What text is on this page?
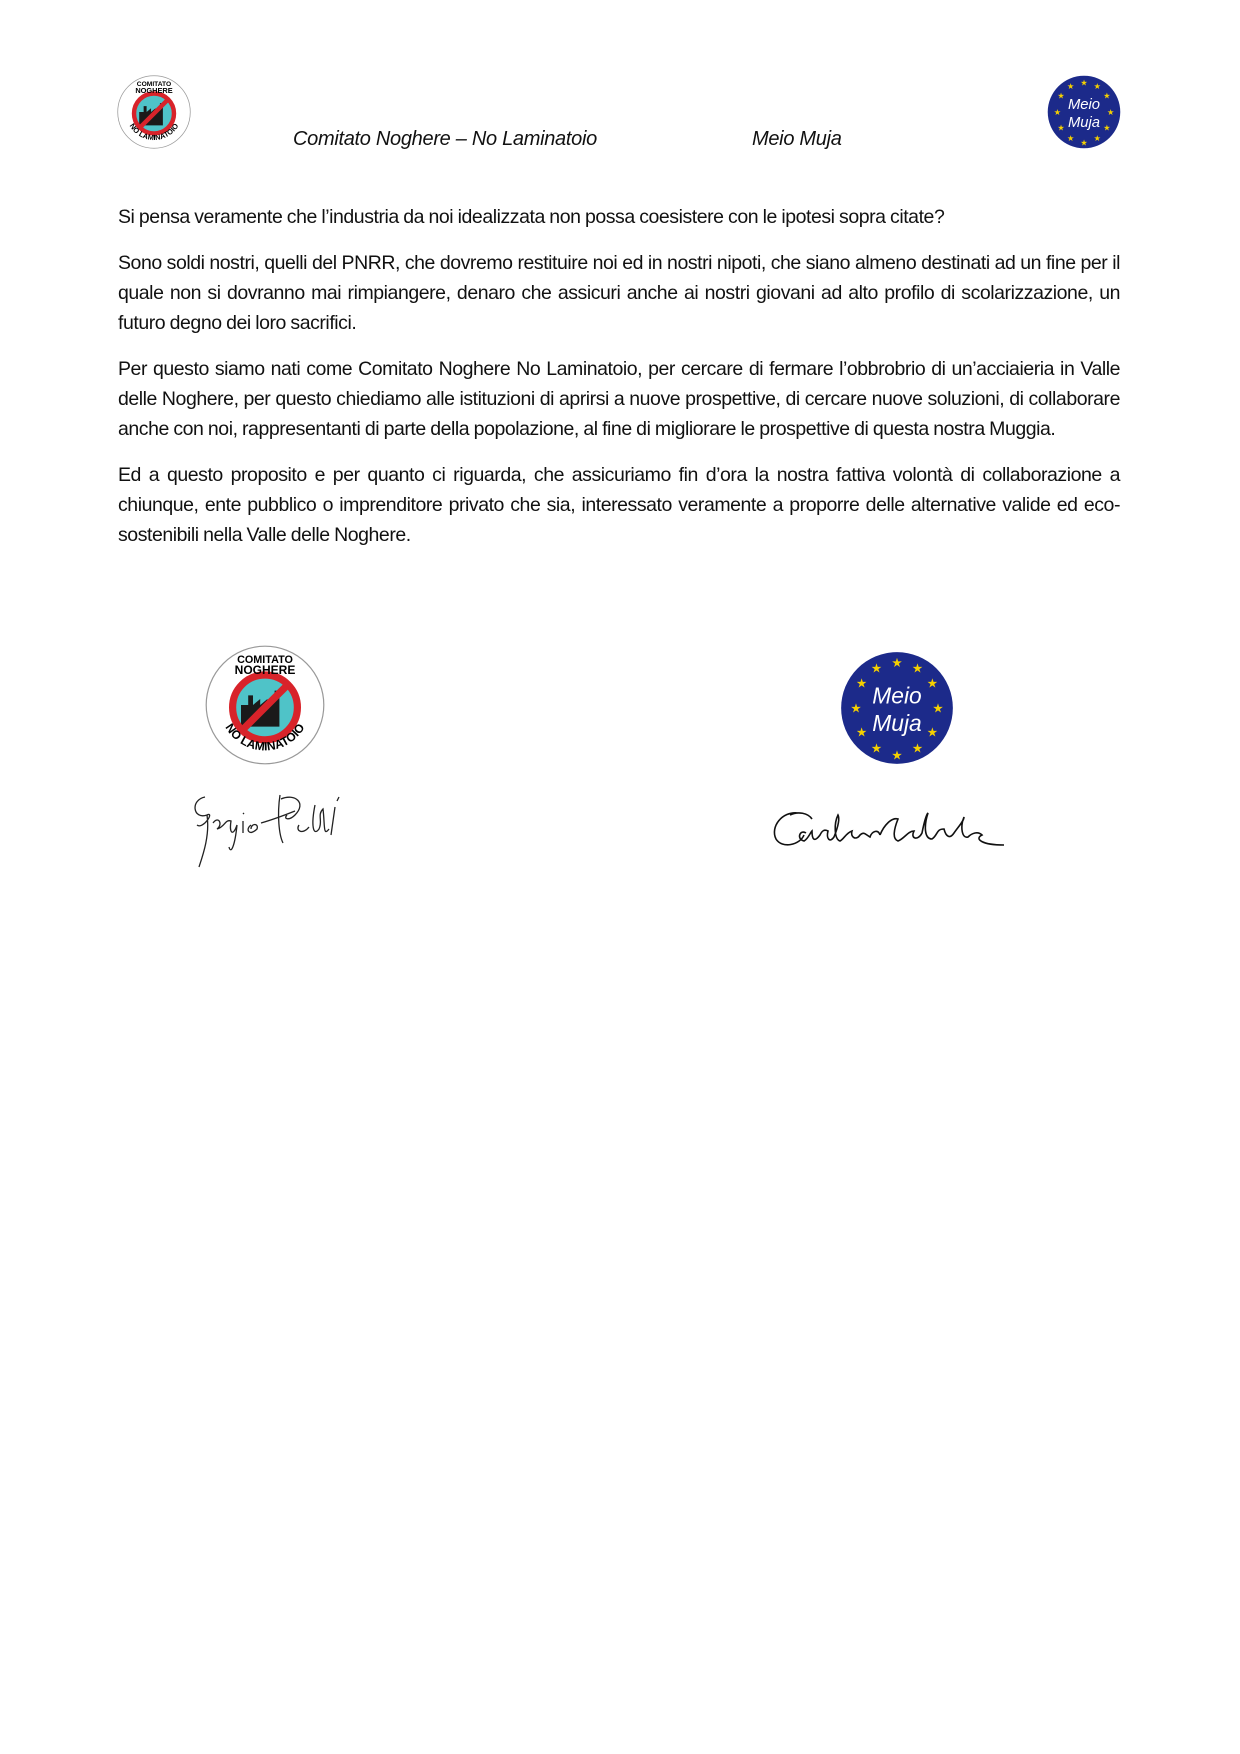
Comitato Noghere – No Laminatoio	Meio Muja

Si pensa veramente che l’industria da noi idealizzata non possa coesistere con le ipotesi sopra citate?

Sono soldi nostri, quelli del PNRR, che dovremo restituire noi ed in nostri nipoti, che siano almeno destinati ad un fine per il quale non si dovranno mai rimpiangere, denaro che assicuri anche ai nostri giovani ad alto profilo di scolarizzazione, un futuro degno dei loro sacrifici.

Per questo siamo nati come Comitato Noghere No Laminatoio, per cercare di fermare l’obbrobrio di un’acciaieria in Valle delle Noghere, per questo chiediamo alle istituzioni di aprirsi a nuove prospettive, di cercare nuove soluzioni, di collaborare anche con noi, rappresentanti di parte della popolazione, al fine di migliorare le prospettive di questa nostra Muggia.

Ed a questo proposito e per quanto ci riguarda, che assicuriamo fin d’ora la nostra fattiva volontà di collaborazione a chiunque, ente pubblico o imprenditore privato che sia, interessato veramente a proporre delle alternative valide ed eco-sostenibili nella Valle delle Noghere.
